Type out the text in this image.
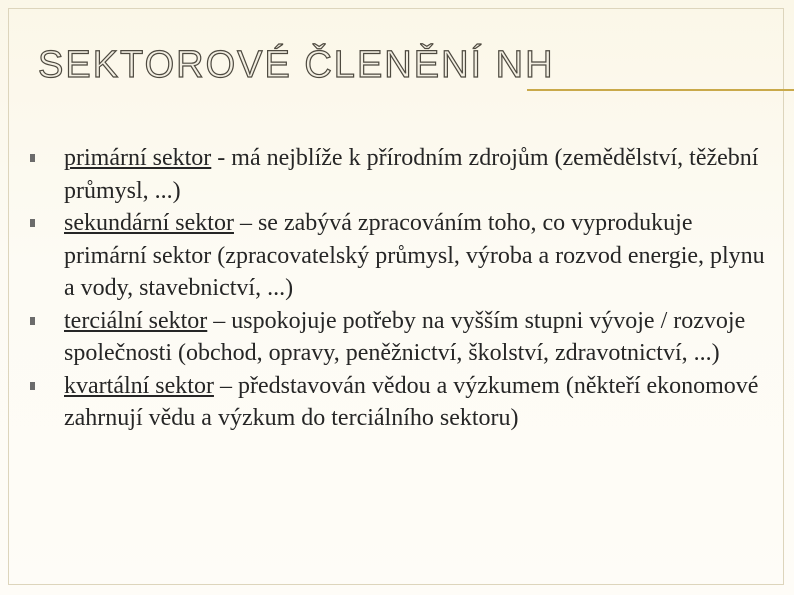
SEKTOROVÉ ČLENĚNÍ NH
primární sektor - má nejblíže k přírodním zdrojům (zemědělství, těžební průmysl, ...)
sekundární sektor – se zabývá zpracováním toho, co vyprodukuje primární sektor (zpracovatelský průmysl, výroba a rozvod energie, plynu a vody, stavebnictví, ...)
terciální sektor – uspokojuje potřeby na vyšším stupni vývoje / rozvoje společnosti (obchod, opravy, peněžnictví, školství, zdravotnictví, ...)
kvartální sektor – představován vědou a výzkumem (někteří ekonomové zahrnují vědu a výzkum do terciálního sektoru)
